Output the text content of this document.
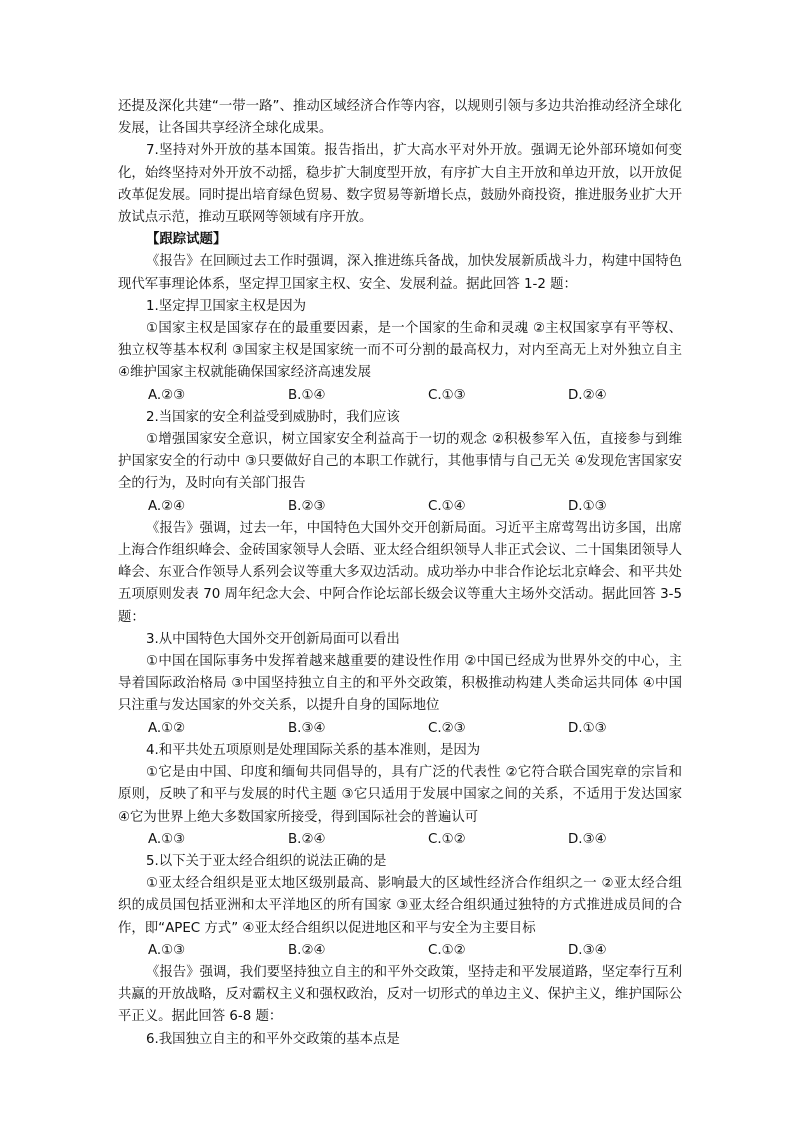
还提及深化共建“一带一路”、推动区域经济合作等内容，以规则引领与多边共治推动经济全球化发展，让各国共享经济全球化成果。

7.坚持对外开放的基本国策。报告指出，扩大高水平对外开放。强调无论外部环境如何变化，始终坚持对外开放不动摇，稳步扩大制度型开放，有序扩大自主开放和单边开放，以开放促改革促发展。同时提出培育绿色贸易、数字贸易等新增长点，鼓励外商投资，推进服务业扩大开放试点示范，推动互联网等领域有序开放。

【跟踪试题】

《报告》在回顾过去工作时强调，深入推进练兵备战，加快发展新质战斗力，构建中国特色现代军事理论体系，坚定捍卫国家主权、安全、发展利益。据此回答 1-2 题：

1.坚定捍卫国家主权是因为

①国家主权是国家存在的最重要因素，是一个国家的生命和灵魂 ②主权国家享有平等权、独立权等基本权利 ③国家主权是国家统一而不可分割的最高权力，对内至高无上对外独立自主 ④维护国家主权就能确保国家经济高速发展

A.②③	B.①④	C.①③	D.②④

2.当国家的安全利益受到威胁时，我们应该

①增强国家安全意识，树立国家安全利益高于一切的观念 ②积极参军入伍，直接参与到维护国家安全的行动中 ③只要做好自己的本职工作就行，其他事情与自己无关 ④发现危害国家安全的行为，及时向有关部门报告

A.②④	B.②③	C.①④	D.①③

《报告》强调，过去一年，中国特色大国外交开创新局面。习近平主席莺驾出访多国，出席上海合作组织峰会、金砖国家领导人会晤、亚太经合组织领导人非正式会议、二十国集团领导人峰会、东亚合作领导人系列会议等重大多双边活动。成功举办中非合作论坛北京峰会、和平共处五项原则发表 70 周年纪念大会、中阿合作论坛部长级会议等重大主场外交活动。据此回答 3-5 题：

3.从中国特色大国外交开创新局面可以看出

①中国在国际事务中发挥着越来越重要的建设性作用 ②中国已经成为世界外交的中心，主导着国际政治格局 ③中国坚持独立自主的和平外交政策，积极推动构建人类命运共同体 ④中国只注重与发达国家的外交关系，以提升自身的国际地位

A.①②	B.③④	C.②③	D.①③

4.和平共处五项原则是处理国际关系的基本准则，是因为

①它是由中国、印度和缅甸共同倡导的，具有广泛的代表性 ②它符合联合国宪章的宗旨和原则，反映了和平与发展的时代主题 ③它只适用于发展中国家之间的关系，不适用于发达国家 ④它为世界上绝大多数国家所接受，得到国际社会的普遍认可

A.①③	B.②④	C.①②	D.③④

5.以下关于亚太经合组织的说法正确的是

①亚太经合组织是亚太地区级别最高、影响最大的区域性经济合作组织之一 ②亚太经合组织的成员国包括亚洲和太平洋地区的所有国家 ③亚太经合组织通过独特的方式推进成员间的合作，即“APEC 方式” ④亚太经合组织以促进地区和平与安全为主要目标

A.①③	B.②④	C.①②	D.③④

《报告》强调，我们要坚持独立自主的和平外交政策，坚持走和平发展道路，坚定奉行互利共赢的开放战略，反对霸权主义和强权政治，反对一切形式的单边主义、保护主义，维护国际公平正义。据此回答 6-8 题：

6.我国独立自主的和平外交政策的基本点是
